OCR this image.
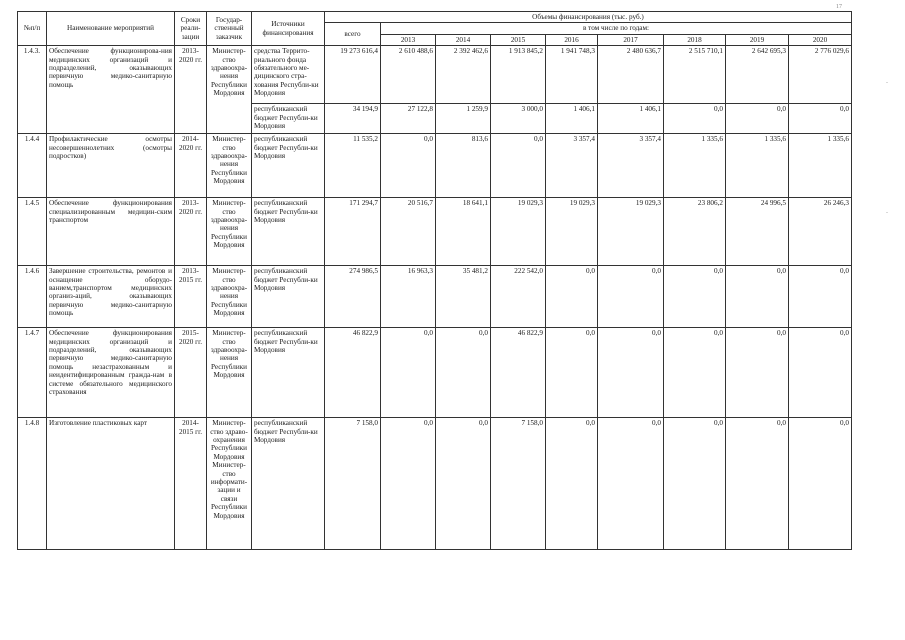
17
№п/п	Наименование мероприятий	Сроки реали-зации	Государ-ственный заказчик	Источники финансирования	Объемы финансирования (тыс. руб.)								
					всего	в том числе по годам:							
						2013	2014	2015	2016	2017	2018	2019	2020
1.4.3.	Обеспечение функционирова-ния медицинских организаций и подразделений, оказывающих первичную медико-санитарную помощь	2013-2020 гг.	Министер-ство здравоохра-нения Республики Мордовия	средства Террито-риального фонда обязательного ме-дицинского стра-хования Республи-ки Мордовия	19 273 616,4	2 610 488,6	2 392 462,6	1 913 845,2	1 941 748,3	2 480 636,7	2 515 710,1	2 642 695,3	2 776 029,6
				республиканский бюджет Республи-ки Мордовия	34 194,9	27 122,8	1 259,9	3 000,0	1 406,1	1 406,1	0,0	0,0	0,0
1.4.4	Профилактические осмотры несовершеннолетних (осмотры подростков)	2014-2020 гг.	Министер-ство здравоохра-нения Республики Мордовия	республиканский бюджет Республи-ки Мордовия	11 535,2	0,0	813,6	0,0	3 357,4	3 357,4	1 335,6	1 335,6	1 335,6
1.4.5	Обеспечение функционирования специализированным медицин-ским транспортом	2013-2020 гг.	Министер-ство здравоохра-нения Республики Мордовия	республиканский бюджет Республи-ки Мордовия	171 294,7	20 516,7	18 641,1	19 029,3	19 029,3	19 029,3	23 806,2	24 996,5	26 246,3
1.4.6	Завершение строительства, ремонтов и оснащение оборудо-ванием,транспортом медицинских организ-аций, оказывающих первичную медико-санитарную помощь	2013-2015 гг.	Министер-ство здравоохра-нения Республики Мордовия	республиканский бюджет Республи-ки Мордовия	274 986,5	16 963,3	35 481,2	222 542,0	0,0	0,0	0,0	0,0	0,0
1.4.7	Обеспечение функционирования медицинских организаций и подразделений, оказывающих первичную медико-санитарную помощь незастрахованным и неидентифицированным гражда-нам в системе обязательного медицинского страхования	2015-2020 гг.	Министер-ство здравоохра-нения Республики Мордовия	республиканский бюджет Республи-ки Мордовия	46 822,9	0,0	0,0	46 822,9	0,0	0,0	0,0	0,0	0,0
1.4.8	Изготовление пластиковых карт	2014-2015 гг.	Министер-ство здраво-охранения Республики Мордовия Министер-ство информати-зации и связи Республики Мордовия	республиканский бюджет Республи-ки Мордовия	7 158,0	0,0	0,0	7 158,0	0,0	0,0	0,0	0,0	0,0
-
-
